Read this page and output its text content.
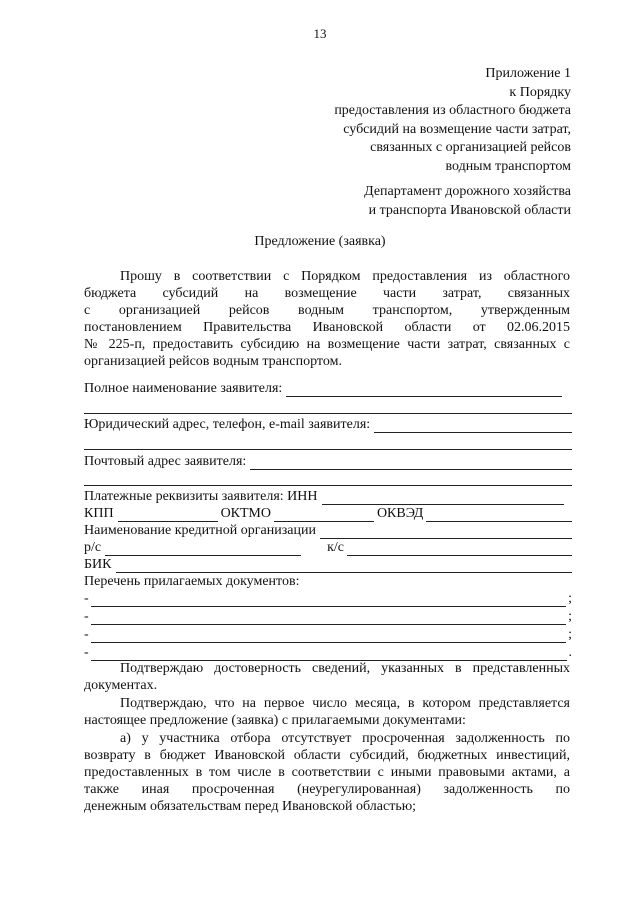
13
Приложение 1
к Порядку
предоставления из областного бюджета
субсидий на возмещение части затрат,
связанных с организацией рейсов
водным транспортом
Департамент дорожного хозяйства
и транспорта Ивановской области
Предложение (заявка)
Прошу в соответствии с Порядком предоставления из областного
бюджета субсидий на возмещение части затрат, связанных
с организацией рейсов водным транспортом, утвержденным
постановлением Правительства Ивановской области от 02.06.2015
№ 225-п, предоставить субсидию на возмещение части затрат, связанных с
организацией рейсов водным транспортом.
Полное наименование заявителя:
Юридический адрес, телефон, e-mail заявителя:
Почтовый адрес заявителя:
Платежные реквизиты заявителя: ИНН
КПП	ОКТМО	ОКВЭД
Наименование кредитной организации
р/с	к/с
БИК
Перечень прилагаемых документов:
-	;
-	;
-	;
-	.
Подтверждаю достоверность сведений, указанных в представленных
документах.
Подтверждаю, что на первое число месяца, в котором представляется
настоящее предложение (заявка) с прилагаемыми документами:
а) у участника отбора отсутствует просроченная задолженность по
возврату в бюджет Ивановской области субсидий, бюджетных инвестиций,
предоставленных в том числе в соответствии с иными правовыми актами, а
также иная просроченная (неурегулированная) задолженность по
денежным обязательствам перед Ивановской областью;
